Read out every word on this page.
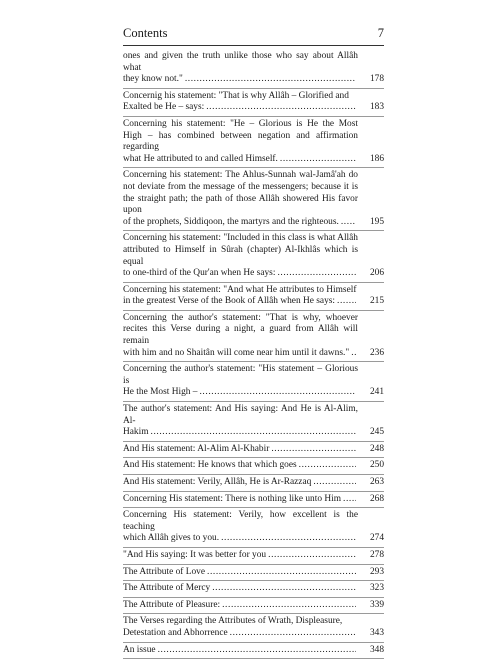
Contents	7
ones and given the truth unlike those who say about Allâh what
they know not." .....	178
Concernig his statement: "That is why Allâh – Glorified and
Exalted be He – says: .....	183
Concerning his statement: "He – Glorious is He the Most High – has combined between negation and affirmation regarding
what He attributed to and called Himself. .....	186
Concerning his statement: The Ahlus-Sunnah wal-Jamâ'ah do not deviate from the message of the messengers; because it is the straight path; the path of those Allâh showered His favor upon
of the prophets, Siddiqoon, the martyrs and the righteous. .....	195
Concerning his statement: "Included in this class is what Allâh attributed to Himself in Sûrah (chapter) Al-Ikhlâs which is equal
to one-third of the Qur'an when He says: .....	206
Concerning his statement: "And what He attributes to Himself
in the greatest Verse of the Book of Allâh when He says: .....	215
Concerning the author's statement: "That is why, whoever recites this Verse during a night, a guard from Allâh will remain
with him and no Shaitân will come near him until it dawns." ..... 236
Concerning the author's statement: "His statement – Glorious is
He the Most High – .....	241
The author's statement: And His saying: And He is Al-Alim, Al-
Hakim .....	245
And His statement: Al-Alim Al-Khabir .....	248
And His statement: He knows that which goes .....	250
And His statement: Verily, Allâh, He is Ar-Razzaq .....	263
Concerning His statement: There is nothing like unto Him .....	268
Concerning His statement: Verily, how excellent is the teaching
which Allâh gives to you. .....	274
"And His saying: It was better for you .....	278
The Attribute of Love .....	293
The Attribute of Mercy .....	323
The Attribute of Pleasure: .....	339
The Verses regarding the Attributes of Wrath, Displeasure,
Detestation and Abhorrence .....	343
An issue .....	348
